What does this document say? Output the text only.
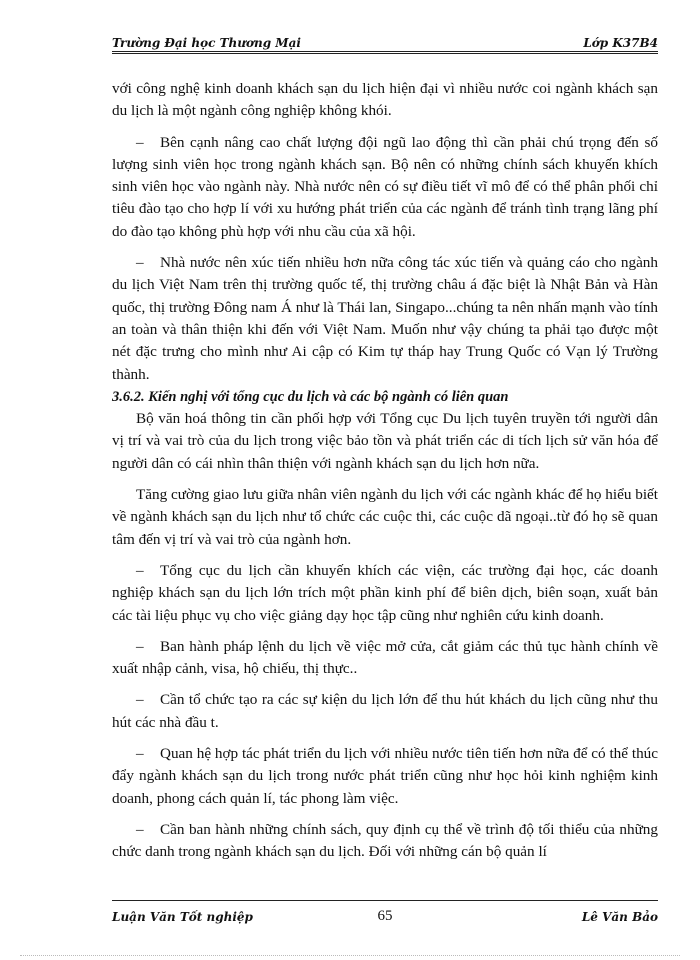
Trường Đại học Thương Mại	Lớp K37B4

với công nghệ kinh doanh khách sạn du lịch hiện đại vì nhiều nước coi ngành khách sạn du lịch là một ngành công nghiệp không khói.

– Bên cạnh nâng cao chất lượng đội ngũ lao động thì cần phải chú trọng đến số lượng sinh viên học trong ngành khách sạn. Bộ nên có những chính sách khuyến khích sinh viên học vào ngành này. Nhà nước nên có sự điều tiết vĩ mô để có thể phân phối chỉ tiêu đào tạo cho hợp lí với xu hướng phát triển của các ngành để tránh tình trạng lãng phí do đào tạo không phù hợp với nhu cầu của xã hội.

– Nhà nước nên xúc tiến nhiều hơn nữa công tác xúc tiến và quảng cáo cho ngành du lịch Việt Nam trên thị trường quốc tế, thị trường châu á đặc biệt là Nhật Bản và Hàn quốc, thị trường Đông nam Á như là Thái lan, Singapo...chúng ta nên nhấn mạnh vào tính an toàn và thân thiện khi đến với Việt Nam. Muốn như vậy chúng ta phải tạo được một nét đặc trưng cho mình như Ai cập có Kim tự tháp hay Trung Quốc có Vạn lý Trường thành.

3.6.2. Kiến nghị với tổng cục du lịch và các bộ ngành có liên quan

Bộ văn hoá thông tin cần phối hợp với Tổng cục Du lịch tuyên truyền tới người dân vị trí và vai trò của du lịch trong việc bảo tồn và phát triển các di tích lịch sử văn hóa để người dân có cái nhìn thân thiện với ngành khách sạn du lịch hơn nữa.

Tăng cường giao lưu giữa nhân viên ngành du lịch với các ngành khác để họ hiểu biết về ngành khách sạn du lịch như tổ chức các cuộc thi, các cuộc dã ngoại..từ đó họ sẽ quan tâm đến vị trí và vai trò của ngành hơn.

– Tổng cục du lịch cần khuyến khích các viện, các trường đại học, các doanh nghiệp khách sạn du lịch lớn trích một phần kinh phí để biên dịch, biên soạn, xuất bản các tài liệu phục vụ cho việc giảng dạy học tập cũng như nghiên cứu kinh doanh.

– Ban hành pháp lệnh du lịch về việc mở cửa, cắt giảm các thủ tục hành chính về xuất nhập cảnh, visa, hộ chiếu, thị thực..

– Cần tổ chức tạo ra các sự kiện du lịch lớn để thu hút khách du lịch cũng như thu hút các nhà đầu t.

– Quan hệ hợp tác phát triển du lịch với nhiều nước tiên tiến hơn nữa để có thể thúc đẩy ngành khách sạn du lịch trong nước phát triển cũng như học hỏi kinh nghiệm kinh doanh, phong cách quản lí, tác phong làm việc.

– Cần ban hành những chính sách, quy định cụ thể về trình độ tối thiểu của những chức danh trong ngành khách sạn du lịch. Đối với những cán bộ quản lí

Luận Văn Tốt nghiệp	65	Lê Văn Bảo
